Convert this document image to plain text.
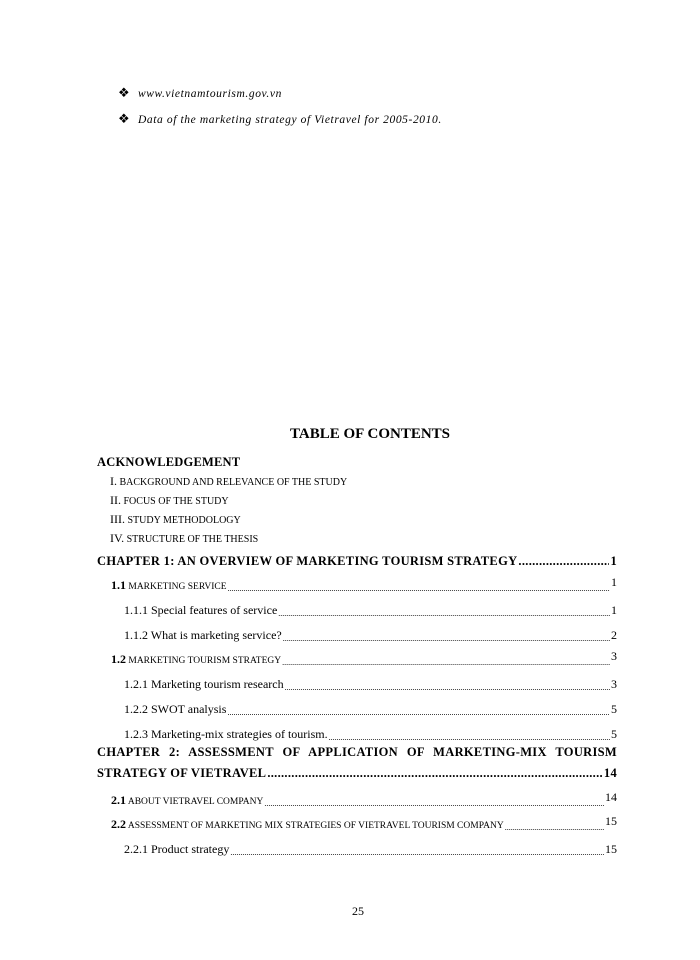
❖ www.vietnamtourism.gov.vn
❖ Data of the marketing strategy of Vietravel for 2005-2010.
TABLE OF CONTENTS
ACKNOWLEDGEMENT
I. BACKGROUND AND RELEVANCE OF THE STUDY
II. FOCUS OF THE STUDY
III. STUDY METHODOLOGY
IV. STRUCTURE OF THE THESIS
CHAPTER 1: AN OVERVIEW OF MARKETING TOURISM STRATEGY .....	1
1.1 MARKETING SERVICE .....	1
1.1.1 Special features of service .....	1
1.1.2 What is marketing service? .....	2
1.2 MARKETING TOURISM STRATEGY .....	3
1.2.1 Marketing tourism research .....	3
1.2.2 SWOT analysis .....	5
1.2.3 Marketing-mix strategies of tourism. .....	5
CHAPTER 2: ASSESSMENT OF APPLICATION OF MARKETING-MIX TOURISM
STRATEGY OF VIETRAVEL .....	14
2.1 ABOUT VIETRAVEL COMPANY .....	14
2.2 ASSESSMENT OF MARKETING MIX STRATEGIES OF VIETRAVEL TOURISM COMPANY .....	15
2.2.1 Product strategy .....	15
25
